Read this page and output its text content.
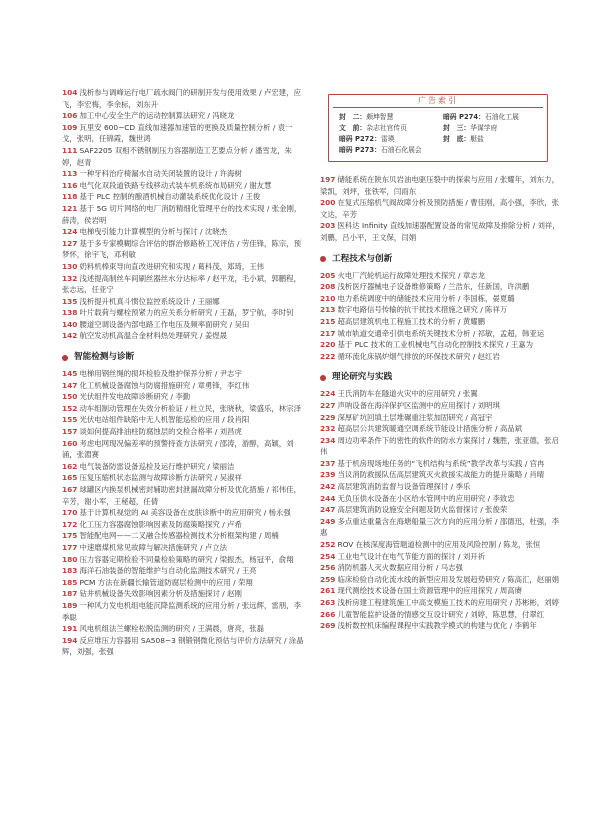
104 浅析参与调峰运行电厂疏水阀门的研制开发与使用效果 / 卢宏建，应飞，李宏梅，李余标，刘东升
106 加工中心安全生产的运动控制算法研究 / 冯晓龙
109 瓦里安 600−CD 直线加速器加速管的更换及质量控制分析 / 袁一戈，张明，任锦霞，魏世鸿
111 SAF2205 双相不锈钢制压力容器制造工艺要点分析 / 潘雪龙，朱婷，赵青
113 一种牙科治疗椅漏水自动关闭装置的设计 / 许海树
116 电气化双段道铁路专线移动式装车机系统布局研究 / 谢友慧
118 基于 PLC 控制的酿酒机械自动灌装系统优化设计 / 王俊
121 基于 5G 切片网络的电厂消防精细化管理平台的技术实现 / 张金刚，薛涛，侯岩明
124 电梯曳引能力计算模型的分析与探讨 / 沈晓杰
127 基于多专家模糊综合评估的群治修路桥工况评估 / 劳佳锋，陈宗，预梦怀，徐宇飞，邓利敏
130 奶料机棒束导向直改进研究和实现 / 葛科茂，郑琦，王伟
132 浅述提高制丝车间刷丝器丝水分达标率 / 赵平龙，毛小斌，郭鹏程，张志远，任亚宁
135 浅析提升机真斗惯位监控系统设计 / 王丽娜
138 叶片载荷与螺栓预紧力的应关系分析研究 / 王磊，罗宁航，李时钊
140 腰道空调设备内部电路工作电压及频率面研究 / 吴田
142 航空发动机高温合金材料热处理研究 / 姜煜晟
智能检测与诊断
145 电梯用钢丝绳的损坏检验及维护保养分析 / 尹志宇
147 化工机械设备腐蚀与防腐措施研究 / 章勇锋，李红伟
150 光伏组件发电故障诊断研究 / 李勤
152 动车组制动管理在失效分析验证 / 杜立民，张晓秋，梁盛乐，林宗泽
155 光伏电站组件缺陷中无人机智能巡检的应用 / 段肖阳
157 谈如何提高排油柱防腐蚀层的交检合格率 / 刘昌虎
160 考虑电网现况偏差率的预警持查方法研究 / 邵涛，游醇，高颖，刘涌，张湄赛
162 电气装备防雷设备巡检及运行维护研究 / 梁丽洁
165 压复压缩机状态监测与故障诊断方法研究 / 吴淑祥
167 球罐区内换泵机械密封辅助密封泄漏故障分析及优化措施 / 祁伟佳，辛芳，谢小军，王秘超，任倩
170 基于计算机视觉的 AI 美容设备在皮肤诊断中的应用研究 / 杨永强
172 化工压力容器腐蚀影响因素及防腐策略探究 / 卢希
175 智能配电网——二叉融合传感器检测技术分析框架构建 / 周楠
177 中速磨煤机常见故障与解决措施研究 / 卢立法
180 压力容器定期检验不同量检验策略的研究 / 梁振杰，杨冠平，俞翔
183 海洋石油装备的智能维护与自动化监测技术研究 / 王亮
185 PCM 方法在新疆长输管道防腐层检测中的应用 / 荣翔
187 钻井机械设备失效影响因素分析及措施探讨 / 赵刚
189 一种风力发电机组电能沉降监测系统的应用分析 / 张远辉，雷朋，李季聪
191 风电机组法兰螺栓松脱监测的研究 / 王满晨，唐亮，张磊
194 反应堆压力容器用 SA508−3 钢锻钢微化预估与评价方法研究 / 涂晶辉，刘强，张强
广告索引
封　二：颇坤智慧	暗码 P274：石油化工展
文　前：杂志社官传页	封　三：华谋学府
暗码 P272：雷瑛	封　底：艇盐
暗码 P273：石油石化展会
197 储能系统在陕东贝岩油电驱压裂中的探索与应用 / 张耀年，刘东力，梁凯，刘坪，张铁军，闫雨东
200 在复式压缩机气阀故障分析及预防措施 / 曹佳刚，高小强，李欣，张文达，辛芳
203 医科达 Infinity 直线加速器配置设备的常见故障及排除分析 / 刘祥，刘鹏，吕小平，王文保，闫娟
工程技术与创新
205 火电厂汽轮机运行故障处理技术探究 / 章志龙
208 浅析医疗器械电子设备维修策略 / 兰浩东，任新国，许洪鹏
210 电力系统调度中的储能技术应用分析 / 李国栋，晏夏璐
213 数字电路信号传输的抗干扰技术措施之研究 / 陈祥万
215 超高层建筑机电工程施工技术的分析 / 黄耀鹏
217 城市轨道交通牵引供电系统关键技术分析 / 祁敏，孟超，韩亚运
220 基于 PLC 技术的工业机械电气自动化控制技术探究 / 王嘉为
222 循环流化床锅炉烟气排放的环保技术研究 / 赵红岩
理论研究与实践
224 王氏消防车在隧道火灾中的应用研究 / 张翼
227 声呐设备在海洋保护区监测中的应用探讨 / 刘明琪
229 深厚矿坑回填土层堆碾重注浆加固研究 / 高冠宇
232 超高层公共建筑暖通空调系统节能设计措施分析 / 高品斌
234 周边功率条件下的密性的软件的防水方案探讨 / 魏胜，张亚德，张启伟
237 基于机房现场地任务的“飞机结构与系统”教学改革与实践 / 宫冉
239 当议消防救援队伍高层建筑灭火救援实战能力的提升策略 / 肖晴
242 高层建筑消防监督与设备管理探讨 / 季乐
244 无负压供水设备在小区给水管网中的应用研究 / 李致忠
247 高层建筑消防设施安全问题及防火监督探讨 / 张俊荣
249 多点重达重量含在海塘船量三次方向的应用分析 / 邵德迅，杜强，李惠
252 ROV 在核深度海管题道检测中的应用及风险控制 / 陈龙，张恒
254 工业电气设计在电气节能方面的探讨 / 刘开祈
256 消防机器人灭火数据应用分析 / 马志强
259 临床检验自动化流水线的新型应用及发展趋势研究 / 陈高汇，赵丽娟
261 现代测绘技术设备在国土资源管理中的应用探究 / 周高赓
263 浅析房建工程建筑施工中高支模施工技术的应用研究 / 苏彬彬，刘婷
266 儿童智能监护设备的情感交互设计研究 / 刘婷，陈思慧，付翠红
269 浅析数控机床编程课程中实践教学模式的构建与优化 / 李鹤年
